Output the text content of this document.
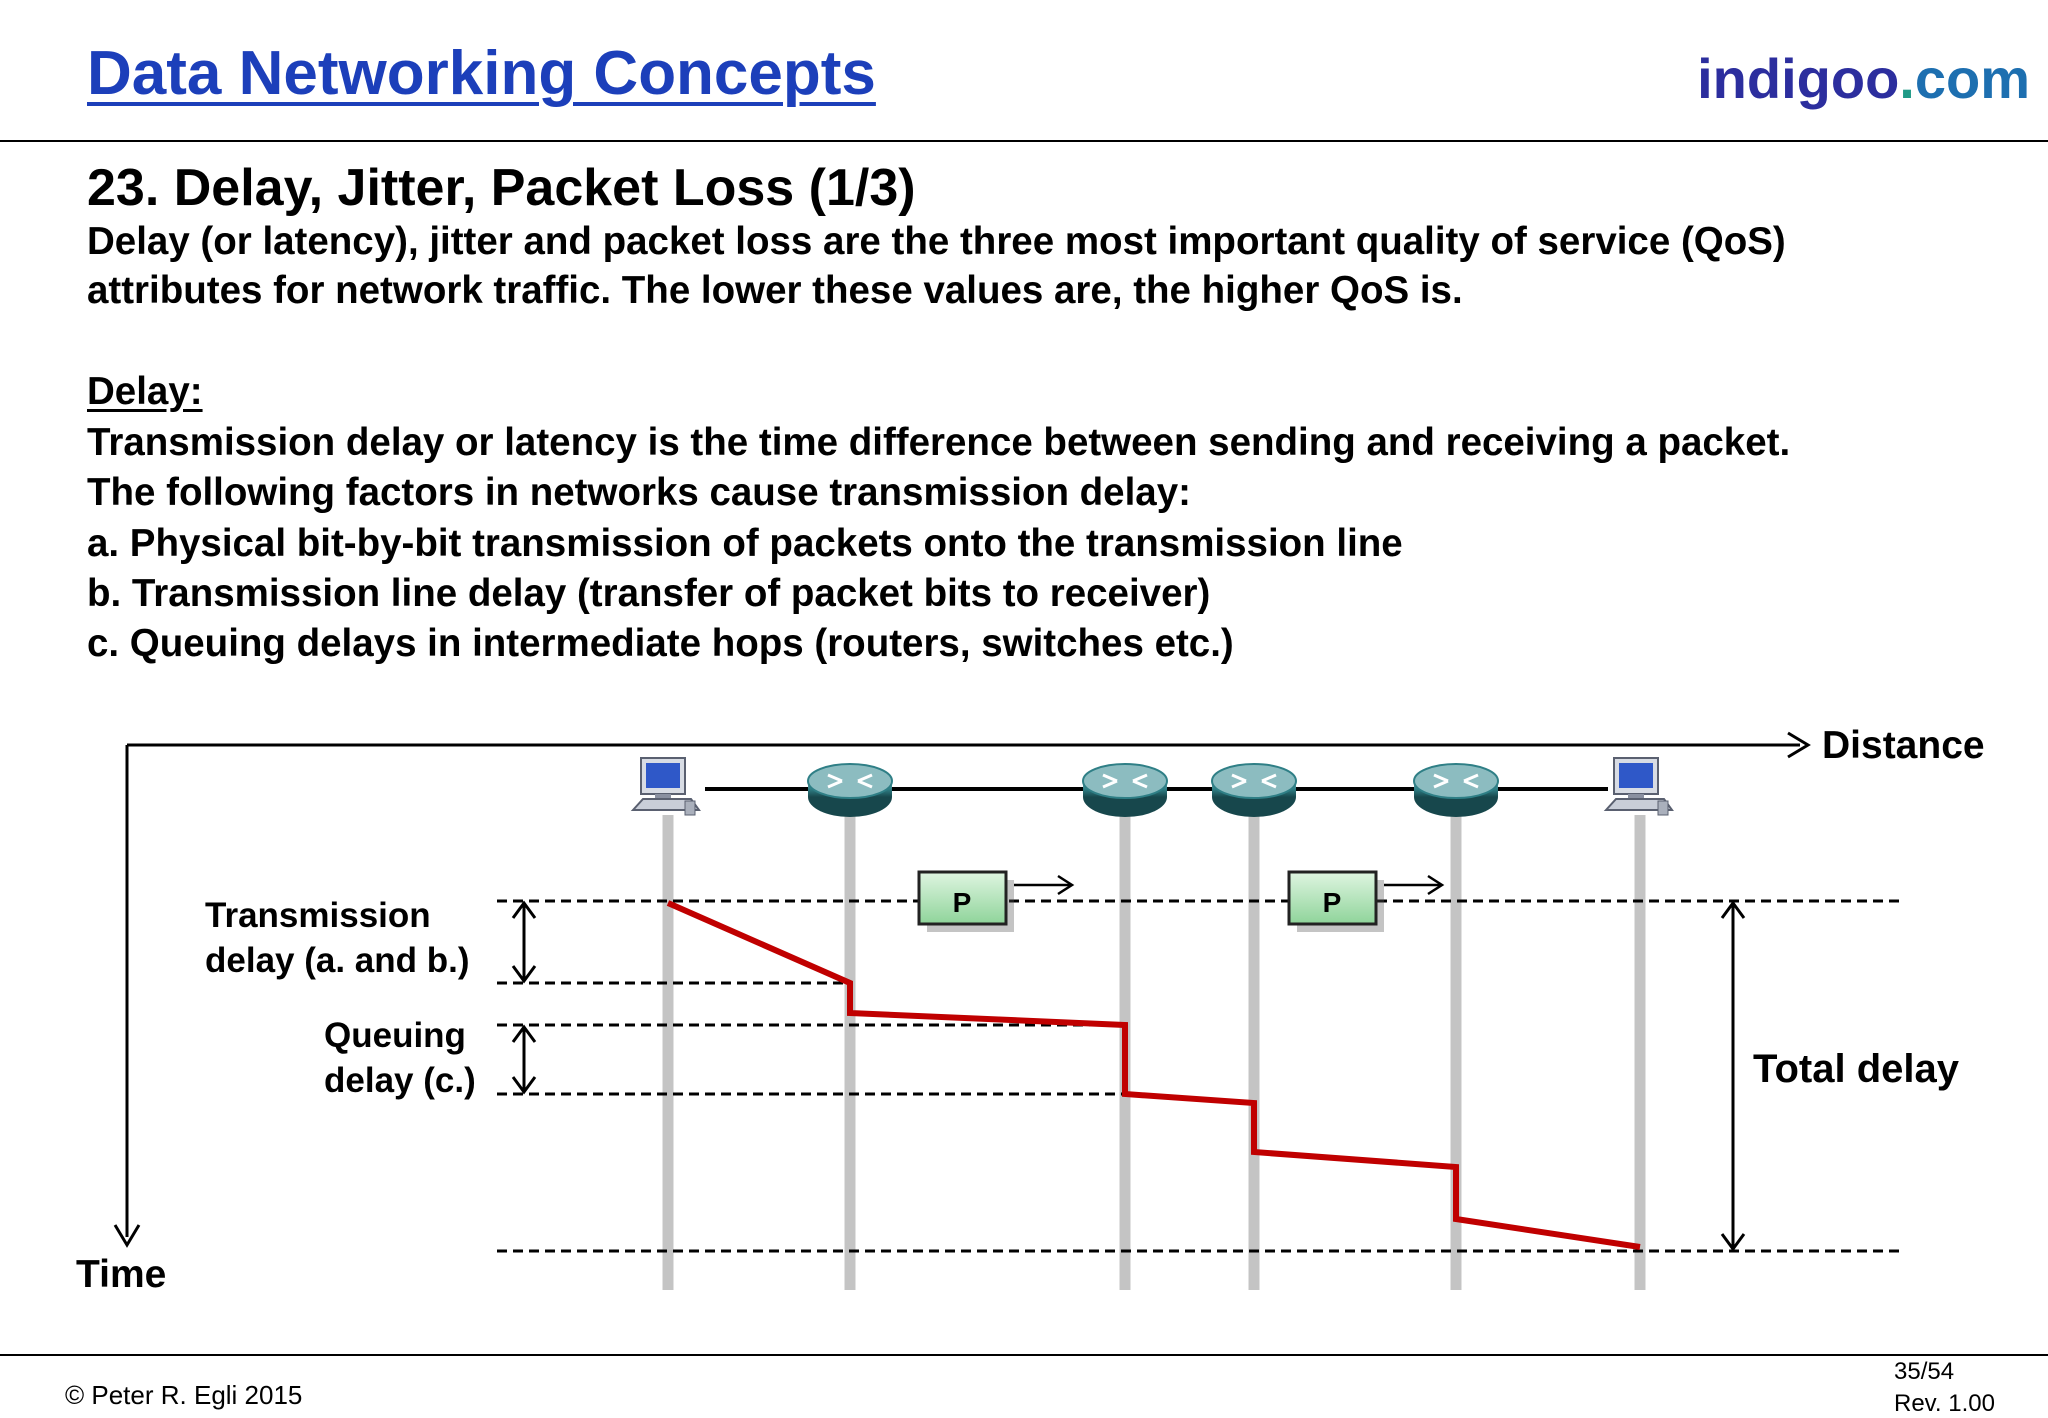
Data Networking Concepts	indigoo.com
23. Delay, Jitter, Packet Loss (1/3)
Delay (or latency), jitter and packet loss are the three most important quality of service (QoS)
attributes for network traffic. The lower these values are, the higher QoS is.
Delay:
Transmission delay or latency is the time difference between sending and receiving a packet.
The following factors in networks cause transmission delay:
a. Physical bit-by-bit transmission of packets onto the transmission line
b. Transmission line delay (transfer of packet bits to receiver)
c. Queuing delays in intermediate hops (routers, switches etc.)
Distance
Time
P	P
Transmission
delay (a. and b.)
Queuing
delay (c.)	Total delay
© Peter R. Egli 2015
35/54
Rev. 1.00
